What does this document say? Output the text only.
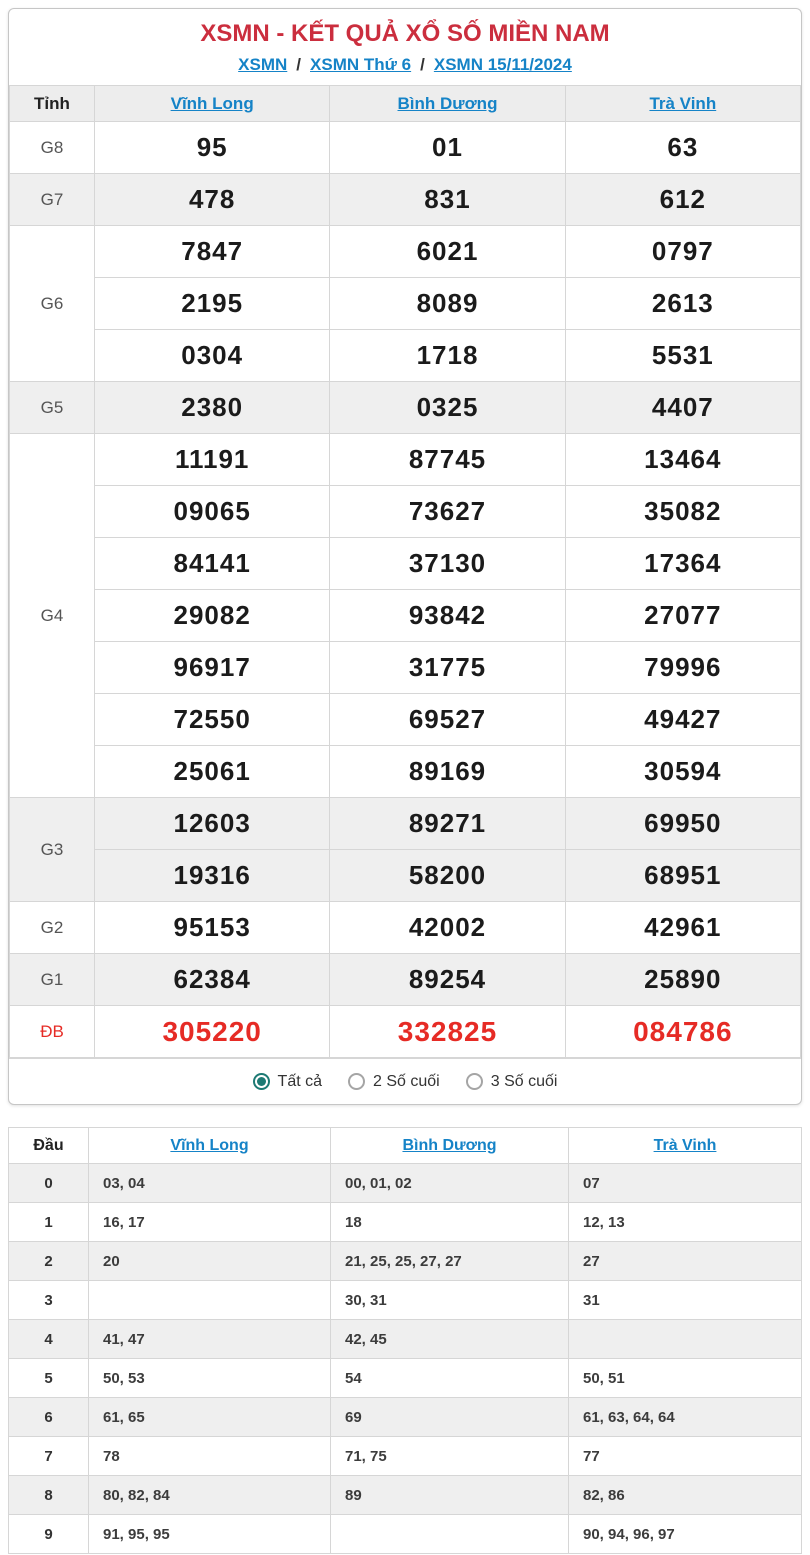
XSMN - KẾT QUẢ XỔ SỐ MIỀN NAM
XSMN / XSMN Thứ 6 / XSMN 15/11/2024
Tỉnh	Vĩnh Long	Bình Dương	Trà Vinh
G8	95	01	63
G7	478	831	612
G6	7847	6021	0797
	2195	8089	2613
	0304	1718	5531
G5	2380	0325	4407
G4	11191	87745	13464
	09065	73627	35082
	84141	37130	17364
	29082	93842	27077
	96917	31775	79996
	72550	69527	49427
	25061	89169	30594
G3	12603	89271	69950
	19316	58200	68951
G2	95153	42002	42961
G1	62384	89254	25890
ĐB	305220	332825	084786
Tất cả	2 Số cuối	3 Số cuối
Đầu	Vĩnh Long	Bình Dương	Trà Vinh
0	03, 04	00, 01, 02	07
1	16, 17	18	12, 13
2	20	21, 25, 25, 27, 27	27
3		30, 31	31
4	41, 47	42, 45	
5	50, 53	54	50, 51
6	61, 65	69	61, 63, 64, 64
7	78	71, 75	77
8	80, 82, 84	89	82, 86
9	91, 95, 95		90, 94, 96, 97
